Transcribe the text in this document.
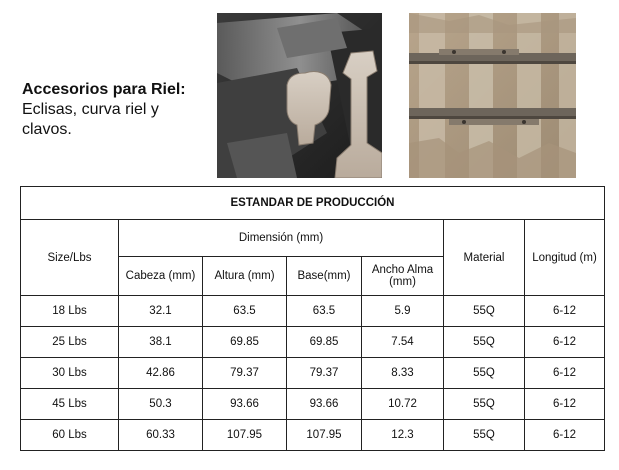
Accesorios para Riel:
Eclisas, curva riel y clavos.
ESTANDAR DE PRODUCCIÓN						
Size/Lbs	Dimensión (mm)				Material	Longitud (m)
	Cabeza (mm)	Altura (mm)	Base(mm)	Ancho Alma (mm)		
18 Lbs	32.1	63.5	63.5	5.9	55Q	6-12
25 Lbs	38.1	69.85	69.85	7.54	55Q	6-12
30 Lbs	42.86	79.37	79.37	8.33	55Q	6-12
45 Lbs	50.3	93.66	93.66	10.72	55Q	6-12
60 Lbs	60.33	107.95	107.95	12.3	55Q	6-12
